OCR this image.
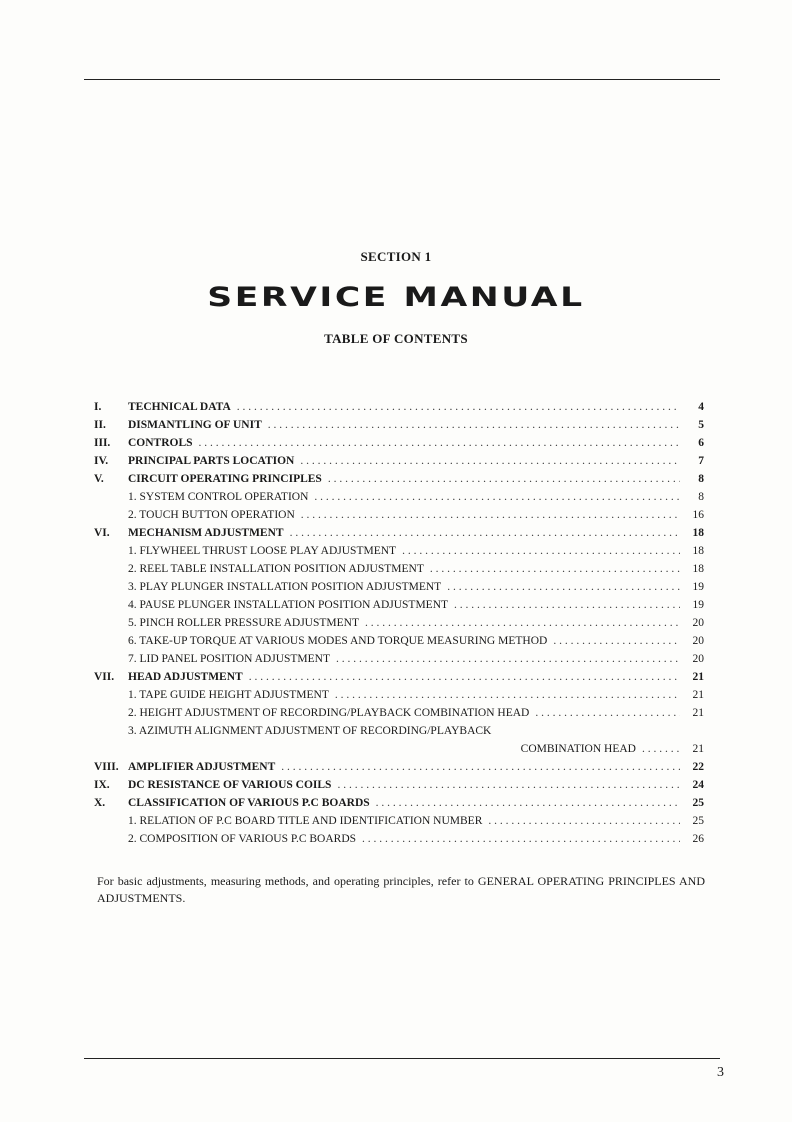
SECTION 1
SERVICE MANUAL
TABLE OF CONTENTS
I.	TECHNICAL DATA . . .	4
II.	DISMANTLING OF UNIT . . .	5
III.	CONTROLS . . .	6
IV.	PRINCIPAL PARTS LOCATION . . .	7
V.	CIRCUIT OPERATING PRINCIPLES . . .	8
1. SYSTEM CONTROL OPERATION . . .	8
2. TOUCH BUTTON OPERATION . . .	16
VI.	MECHANISM ADJUSTMENT . . .	18
1. FLYWHEEL THRUST LOOSE PLAY ADJUSTMENT . . .	18
2. REEL TABLE INSTALLATION POSITION ADJUSTMENT . . .	18
3. PLAY PLUNGER INSTALLATION POSITION ADJUSTMENT . . .	19
4. PAUSE PLUNGER INSTALLATION POSITION ADJUSTMENT . . .	19
5. PINCH ROLLER PRESSURE ADJUSTMENT . . .	20
6. TAKE-UP TORQUE AT VARIOUS MODES AND TORQUE MEASURING METHOD . . .	20
7. LID PANEL POSITION ADJUSTMENT . . .	20
VII.	HEAD ADJUSTMENT . . .	21
1. TAPE GUIDE HEIGHT ADJUSTMENT . . .	21
2. HEIGHT ADJUSTMENT OF RECORDING/PLAYBACK COMBINATION HEAD . . .	21
3. AZIMUTH ALIGNMENT ADJUSTMENT OF RECORDING/PLAYBACK
COMBINATION HEAD . . .	21
VIII. AMPLIFIER ADJUSTMENT . . .	22
IX.	DC RESISTANCE OF VARIOUS COILS . . .	24
X.	CLASSIFICATION OF VARIOUS P.C BOARDS . . .	25
1. RELATION OF P.C BOARD TITLE AND IDENTIFICATION NUMBER . . .	25
2. COMPOSITION OF VARIOUS P.C BOARDS . . .	26
For basic adjustments, measuring methods, and operating principles, refer to GENERAL OPERATING PRINCIPLES AND ADJUSTMENTS.
3
